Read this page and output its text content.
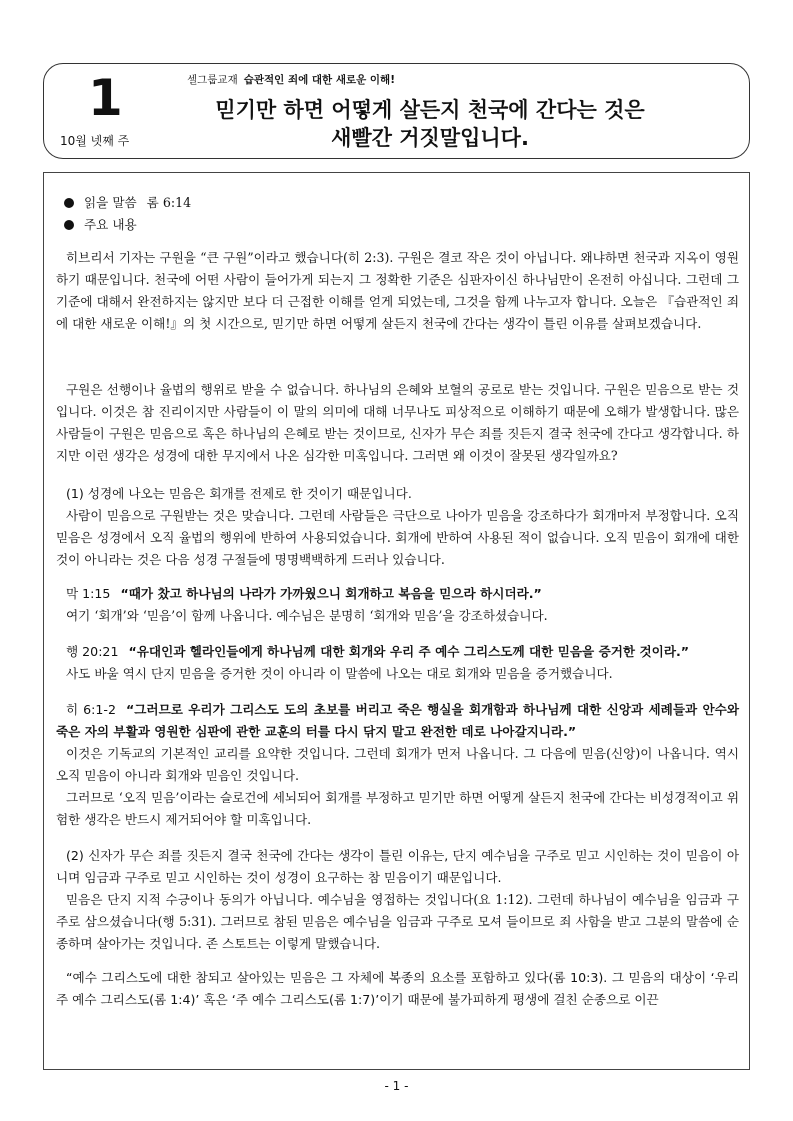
1
10월 넷째 주
셀그룹교재 습관적인 죄에 대한 새로운 이해!
믿기만 하면 어떻게 살든지 천국에 간다는 것은
새빨간 거짓말입니다.
읽을 말씀 롬 6:14
주요 내용

히브리서 기자는 구원을 “큰 구원”이라고 했습니다(히 2:3). 구원은 결코 작은 것이 아닙니다. 왜냐하면 천국과 지옥이 영원하기 때문입니다. 천국에 어떤 사람이 들어가게 되는지 그 정확한 기준은 심판자이신 하나님만이 온전히 아십니다. 그런데 그 기준에 대해서 완전하지는 않지만 보다 더 근접한 이해를 얻게 되었는데, 그것을 함께 나누고자 합니다. 오늘은 『습관적인 죄에 대한 새로운 이해!』의 첫 시간으로, 믿기만 하면 어떻게 살든지 천국에 간다는 생각이 틀린 이유를 살펴보겠습니다.

구원은 선행이나 율법의 행위로 받을 수 없습니다. 하나님의 은혜와 보혈의 공로로 받는 것입니다. 구원은 믿음으로 받는 것입니다. 이것은 참 진리이지만 사람들이 이 말의 의미에 대해 너무나도 피상적으로 이해하기 때문에 오해가 발생합니다. 많은 사람들이 구원은 믿음으로 혹은 하나님의 은혜로 받는 것이므로, 신자가 무슨 죄를 짓든지 결국 천국에 간다고 생각합니다. 하지만 이런 생각은 성경에 대한 무지에서 나온 심각한 미혹입니다. 그러면 왜 이것이 잘못된 생각일까요?

(1) 성경에 나오는 믿음은 회개를 전제로 한 것이기 때문입니다.

사람이 믿음으로 구원받는 것은 맞습니다. 그런데 사람들은 극단으로 나아가 믿음을 강조하다가 회개마저 부정합니다. 오직 믿음은 성경에서 오직 율법의 행위에 반하여 사용되었습니다. 회개에 반하여 사용된 적이 없습니다. 오직 믿음이 회개에 대한 것이 아니라는 것은 다음 성경 구절들에 명명백백하게 드러나 있습니다.

막 1:15 “때가 찼고 하나님의 나라가 가까웠으니 회개하고 복음을 믿으라 하시더라.”

여기 ‘회개’와 ‘믿음’이 함께 나옵니다. 예수님은 분명히 ‘회개와 믿음’을 강조하셨습니다.

행 20:21 “유대인과 헬라인들에게 하나님께 대한 회개와 우리 주 예수 그리스도께 대한 믿음을 증거한 것이라.”

사도 바울 역시 단지 믿음을 증거한 것이 아니라 이 말씀에 나오는 대로 회개와 믿음을 증거했습니다.

히 6:1-2 “그러므로 우리가 그리스도 도의 초보를 버리고 죽은 행실을 회개함과 하나님께 대한 신앙과 세례들과 안수와 죽은 자의 부활과 영원한 심판에 관한 교훈의 터를 다시 닦지 말고 완전한 데로 나아갈지니라.”

이것은 기독교의 기본적인 교리를 요약한 것입니다. 그런데 회개가 먼저 나옵니다. 그 다음에 믿음(신앙)이 나옵니다. 역시 오직 믿음이 아니라 회개와 믿음인 것입니다.

그러므로 ‘오직 믿음’이라는 슬로건에 세뇌되어 회개를 부정하고 믿기만 하면 어떻게 살든지 천국에 간다는 비성경적이고 위험한 생각은 반드시 제거되어야 할 미혹입니다.

(2) 신자가 무슨 죄를 짓든지 결국 천국에 간다는 생각이 틀린 이유는, 단지 예수님을 구주로 믿고 시인하는 것이 믿음이 아니며 임금과 구주로 믿고 시인하는 것이 성경이 요구하는 참 믿음이기 때문입니다.

믿음은 단지 지적 수긍이나 동의가 아닙니다. 예수님을 영접하는 것입니다(요 1:12). 그런데 하나님이 예수님을 임금과 구주로 삼으셨습니다(행 5:31). 그러므로 참된 믿음은 예수님을 임금과 구주로 모셔 들이므로 죄 사함을 받고 그분의 말씀에 순종하며 살아가는 것입니다. 존 스토트는 이렇게 말했습니다.

“예수 그리스도에 대한 참되고 살아있는 믿음은 그 자체에 복종의 요소를 포함하고 있다(롬 10:3). 그 믿음의 대상이 ‘우리 주 예수 그리스도(롬 1:4)’ 혹은 ‘주 예수 그리스도(롬 1:7)’이기 때문에 불가피하게 평생에 걸친 순종으로 이끈

- 1 -
